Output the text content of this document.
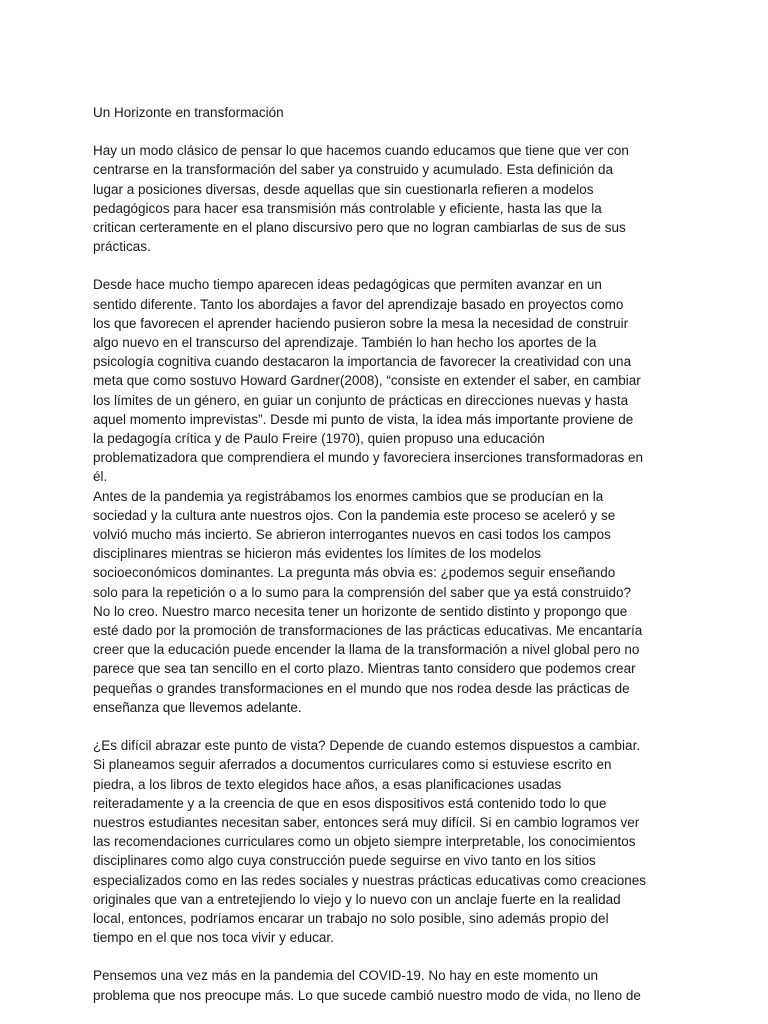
Un Horizonte en transformación
Hay un modo clásico de pensar lo que hacemos cuando educamos que tiene que ver con
centrarse en la transformación del saber ya construido y acumulado. Esta definición da
lugar a posiciones diversas, desde aquellas que sin cuestionarla refieren a modelos
pedagógicos para hacer esa transmisión más controlable y eficiente, hasta las que la
critican certeramente en el plano discursivo pero que no logran cambiarlas de sus de sus
prácticas.
Desde hace mucho tiempo aparecen ideas pedagógicas que permiten avanzar en un
sentido diferente. Tanto los abordajes a favor del aprendizaje basado en proyectos como
los que favorecen el aprender haciendo pusieron sobre la mesa la necesidad de construir
algo nuevo en el transcurso del aprendizaje. También lo han hecho los aportes de la
psicología cognitiva cuando destacaron la importancia de favorecer la creatividad con una
meta que como sostuvo Howard Gardner(2008), “consiste en extender el saber, en cambiar
los límites de un género, en guiar un conjunto de prácticas en direcciones nuevas y hasta
aquel momento imprevistas”. Desde mi punto de vista, la idea más importante proviene de
la pedagogía crítica y de Paulo Freire (1970), quien propuso una educación
problematizadora que comprendiera el mundo y favoreciera inserciones transformadoras en
él.
Antes de la pandemia ya registrábamos los enormes cambios que se producían en la
sociedad y la cultura ante nuestros ojos. Con la pandemia este proceso se aceleró y se
volvió mucho más incierto. Se abrieron interrogantes nuevos en casi todos los campos
disciplinares mientras se hicieron más evidentes los límites de los modelos
socioeconómicos dominantes. La pregunta más obvia es: ¿podemos seguir enseñando
solo para la repetición o a lo sumo para la comprensión del saber que ya está construido?
No lo creo. Nuestro marco necesita tener un horizonte de sentido distinto y propongo que
esté dado por la promoción de transformaciones de las prácticas educativas. Me encantaría
creer que la educación puede encender la llama de la transformación a nivel global pero no
parece que sea tan sencillo en el corto plazo. Mientras tanto considero que podemos crear
pequeñas o grandes transformaciones en el mundo que nos rodea desde las prácticas de
enseñanza que llevemos adelante.
¿Es difícil abrazar este punto de vista? Depende de cuando estemos dispuestos a cambiar.
Si planeamos seguir aferrados a documentos curriculares como si estuviese escrito en
piedra, a los libros de texto elegidos hace años, a esas planificaciones usadas
reiteradamente y a la creencia de que en esos dispositivos está contenido todo lo que
nuestros estudiantes necesitan saber, entonces será muy difícil. Si en cambio logramos ver
las recomendaciones curriculares como un objeto siempre interpretable, los conocimientos
disciplinares como algo cuya construcción puede seguirse en vivo tanto en los sitios
especializados como en las redes sociales y nuestras prácticas educativas como creaciones
originales que van a entretejiendo lo viejo y lo nuevo con un anclaje fuerte en la realidad
local, entonces, podríamos encarar un trabajo no solo posible, sino además propio del
tiempo en el que nos toca vivir y educar.
Pensemos una vez más en la pandemia del COVID-19. No hay en este momento un
problema que nos preocupe más. Lo que sucede cambió nuestro modo de vida, no lleno de
